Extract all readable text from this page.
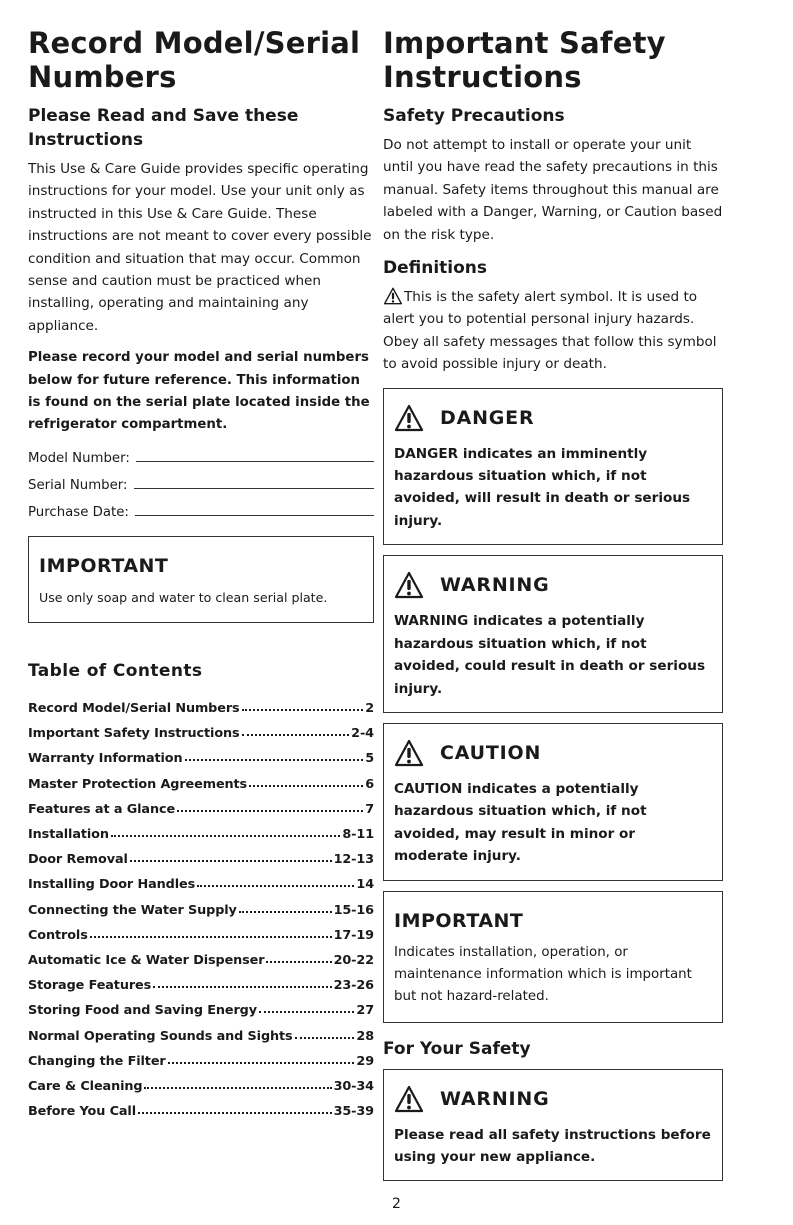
Record Model/Serial Numbers
Please Read and Save these Instructions

This Use & Care Guide provides specific operating instructions for your model. Use your unit only as instructed in this Use & Care Guide. These instructions are not meant to cover every possible condition and situation that may occur. Common sense and caution must be practiced when installing, operating and maintaining any appliance.

Please record your model and serial numbers below for future reference. This information is found on the serial plate located inside the refrigerator compartment.
Model Number:
Serial Number:
Purchase Date:
IMPORTANT

Use only soap and water to clean serial plate.

Table of Contents
Record Model/Serial Numbers	2
Important Safety Instructions	2-4
Warranty Information	5
Master Protection Agreements	6
Features at a Glance	7
Installation	8-11
Door Removal	12-13
Installing Door Handles	14
Connecting the Water Supply	15-16
Controls	17-19
Automatic Ice & Water Dispenser	20-22
Storage Features	23-26
Storing Food and Saving Energy	27
Normal Operating Sounds and Sights	28
Changing the Filter	29
Care & Cleaning	30-34
Before You Call	35-39
Important Safety Instructions
Safety Precautions

Do not attempt to install or operate your unit until you have read the safety precautions in this manual. Safety items throughout this manual are labeled with a Danger, Warning, or Caution based on the risk type.

Definitions

This is the safety alert symbol. It is used to alert you to potential personal injury hazards. Obey all safety messages that follow this symbol to avoid possible injury or death.

DANGER

DANGER indicates an imminently hazardous situation which, if not avoided, will result in death or serious injury.

WARNING

WARNING indicates a potentially hazardous situation which, if not avoided, could result in death or serious injury.

CAUTION

CAUTION indicates a potentially hazardous situation which, if not avoided, may result in minor or moderate injury.

IMPORTANT

Indicates installation, operation, or maintenance information which is important but not hazard-related.

For Your Safety
WARNING

Please read all safety instructions before using your new appliance.

2
